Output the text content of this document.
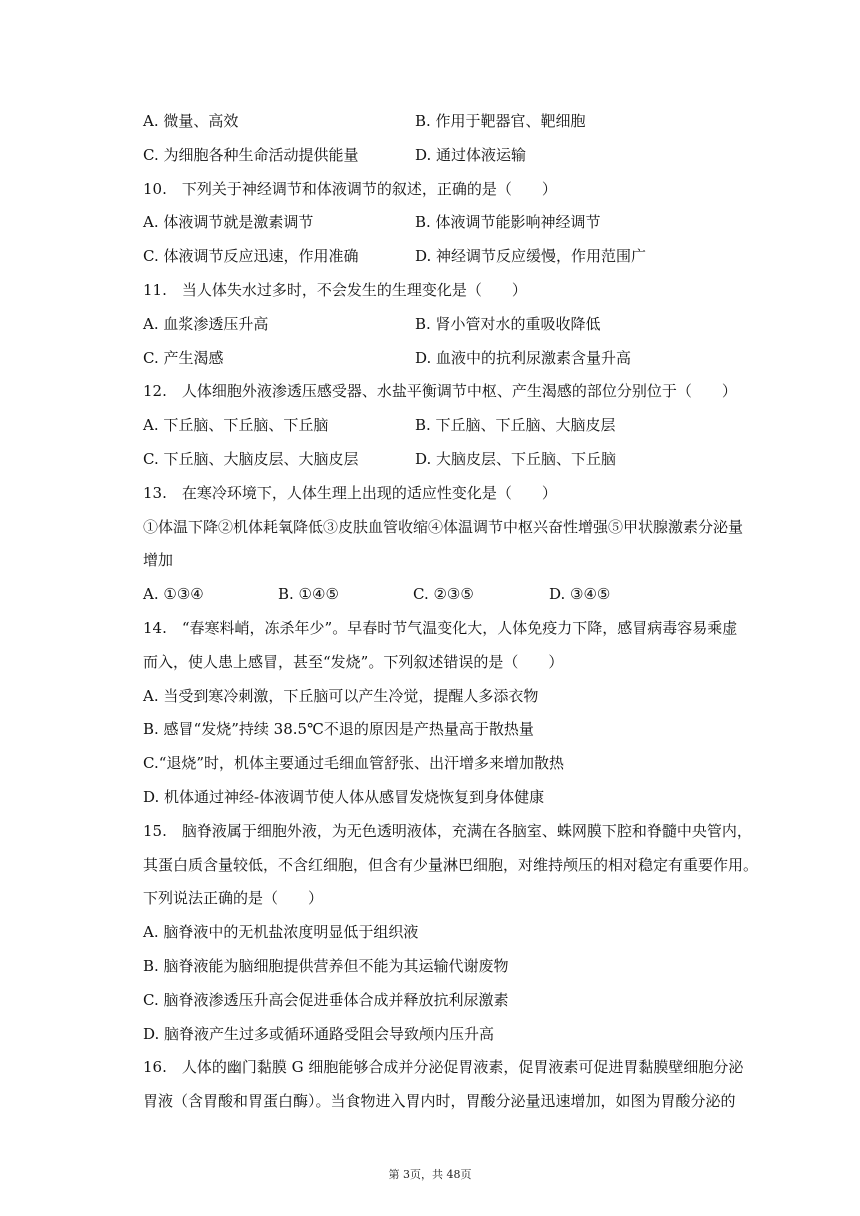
A. 微量、高效	B. 作用于靶器官、靶细胞
C. 为细胞各种生命活动提供能量	D. 通过体液运输
10.　下列关于神经调节和体液调节的叙述，正确的是（　　）
A. 体液调节就是激素调节	B. 体液调节能影响神经调节
C. 体液调节反应迅速，作用准确	D. 神经调节反应缓慢，作用范围广
11.　当人体失水过多时，不会发生的生理变化是（　　）
A. 血浆渗透压升高	B. 肾小管对水的重吸收降低
C. 产生渴感	D. 血液中的抗利尿激素含量升高
12.　人体细胞外液渗透压感受器、水盐平衡调节中枢、产生渴感的部位分别位于（　　）
A. 下丘脑、下丘脑、下丘脑	B. 下丘脑、下丘脑、大脑皮层
C. 下丘脑、大脑皮层、大脑皮层	D. 大脑皮层、下丘脑、下丘脑
13.　在寒冷环境下，人体生理上出现的适应性变化是（　　）
①体温下降②机体耗氧降低③皮肤血管收缩④体温调节中枢兴奋性增强⑤甲状腺激素分泌量
增加
A. ①③④	B. ①④⑤	C. ②③⑤	D. ③④⑤
14.　“春寒料峭，冻杀年少”。早春时节气温变化大，人体免疫力下降，感冒病毒容易乘虚
而入，使人患上感冒，甚至“发烧”。下列叙述错误的是（　　）
A. 当受到寒冷刺激，下丘脑可以产生冷觉，提醒人多添衣物
B. 感冒“发烧”持续 38.5℃不退的原因是产热量高于散热量
C.“退烧”时，机体主要通过毛细血管舒张、出汗增多来增加散热
D. 机体通过神经-体液调节使人体从感冒发烧恢复到身体健康
15.　脑脊液属于细胞外液，为无色透明液体，充满在各脑室、蛛网膜下腔和脊髓中央管内，
其蛋白质含量较低，不含红细胞，但含有少量淋巴细胞，对维持颅压的相对稳定有重要作用。
下列说法正确的是（　　）
A. 脑脊液中的无机盐浓度明显低于组织液
B. 脑脊液能为脑细胞提供营养但不能为其运输代谢废物
C. 脑脊液渗透压升高会促进垂体合成并释放抗利尿激素
D. 脑脊液产生过多或循环通路受阻会导致颅内压升高
16.　人体的幽门黏膜 G 细胞能够合成并分泌促胃液素，促胃液素可促进胃黏膜壁细胞分泌
胃液（含胃酸和胃蛋白酶）。当食物进入胃内时，胃酸分泌量迅速增加，如图为胃酸分泌的
第 3页，共 48页
